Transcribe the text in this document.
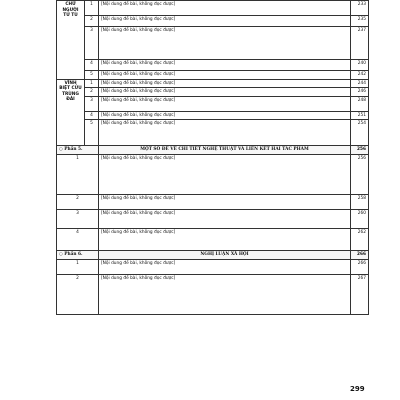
CHỮ NGƯỜI TỬ TÙ	1	[Nội dung đề bài, không đọc được]	233
	2	[Nội dung đề bài, không đọc được]	235
	3	[Nội dung đề bài, không đọc được]	237
	4	[Nội dung đề bài, không đọc được]	240
	5	[Nội dung đề bài, không đọc được]	242
VĨNH BIỆT CỬU TRÙNG ĐÀI	1	[Nội dung đề bài, không đọc được]	244
	2	[Nội dung đề bài, không đọc được]	246
	3	[Nội dung đề bài, không đọc được]	248
	4	[Nội dung đề bài, không đọc được]	251
	5	[Nội dung đề bài, không đọc được]	254
○ Phần 5.		MỘT SỐ ĐỀ VỀ CHI TIẾT NGHỆ THUẬT VÀ LIÊN KẾT HAI TÁC PHẨM	256
1		[Nội dung đề bài, không đọc được]	256
2		[Nội dung đề bài, không đọc được]	258
3		[Nội dung đề bài, không đọc được]	260
4		[Nội dung đề bài, không đọc được]	262
○ Phần 6.		NGHỊ LUẬN XÃ HỘI	266
1		[Nội dung đề bài, không đọc được]	266
2		[Nội dung đề bài, không đọc được]	267
299
